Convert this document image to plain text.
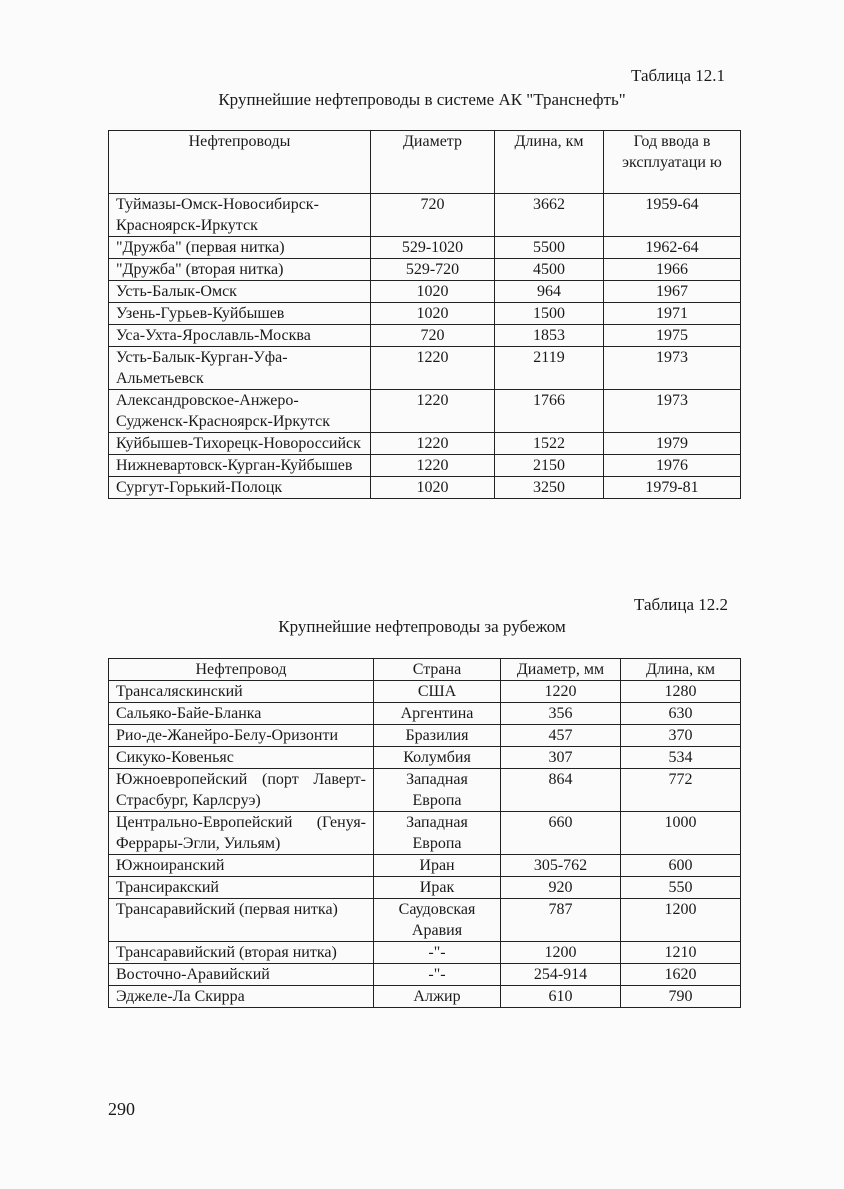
Таблица 12.1
Крупнейшие нефтепроводы в системе АК "Транснефть"
Нефтепроводы	Диаметр	Длина, км	Год ввода в эксплуатаци ю
Туймазы-Омск-Новосибирск-Красноярск-Иркутск	720	3662	1959-64
"Дружба" (первая нитка)	529-1020	5500	1962-64
"Дружба" (вторая нитка)	529-720	4500	1966
Усть-Балык-Омск	1020	964	1967
Узень-Гурьев-Куйбышев	1020	1500	1971
Уса-Ухта-Ярославль-Москва	720	1853	1975
Усть-Балык-Курган-Уфа-Альметьевск	1220	2119	1973
Александровское-Анжеро-Судженск-Красноярск-Иркутск	1220	1766	1973
Куйбышев-Тихорецк-Новороссийск	1220	1522	1979
Нижневартовск-Курган-Куйбышев	1220	2150	1976
Сургут-Горький-Полоцк	1020	3250	1979-81
Таблица 12.2
Крупнейшие нефтепроводы за рубежом
Нефтепровод	Страна	Диаметр, мм	Длина, км
Трансаляскинский	США	1220	1280
Сальяко-Байе-Бланка	Аргентина	356	630
Рио-де-Жанейро-Белу-Оризонти	Бразилия	457	370
Сикуко-Ковеньяс	Колумбия	307	534
Южноевропейский (порт Лаверт-Страсбург, Карлсруэ)	Западная Европа	864	772
Центрально-Европейский (Генуя-Феррары-Эгли, Уильям)	Западная Европа	660	1000
Южноиранский	Иран	305-762	600
Трансиракский	Ирак	920	550
Трансаравийский (первая нитка)	Саудовская Аравия	787	1200
Трансаравийский (вторая нитка)	-"-	1200	1210
Восточно-Аравийский	-"-	254-914	1620
Эджеле-Ла Скирра	Алжир	610	790
290
